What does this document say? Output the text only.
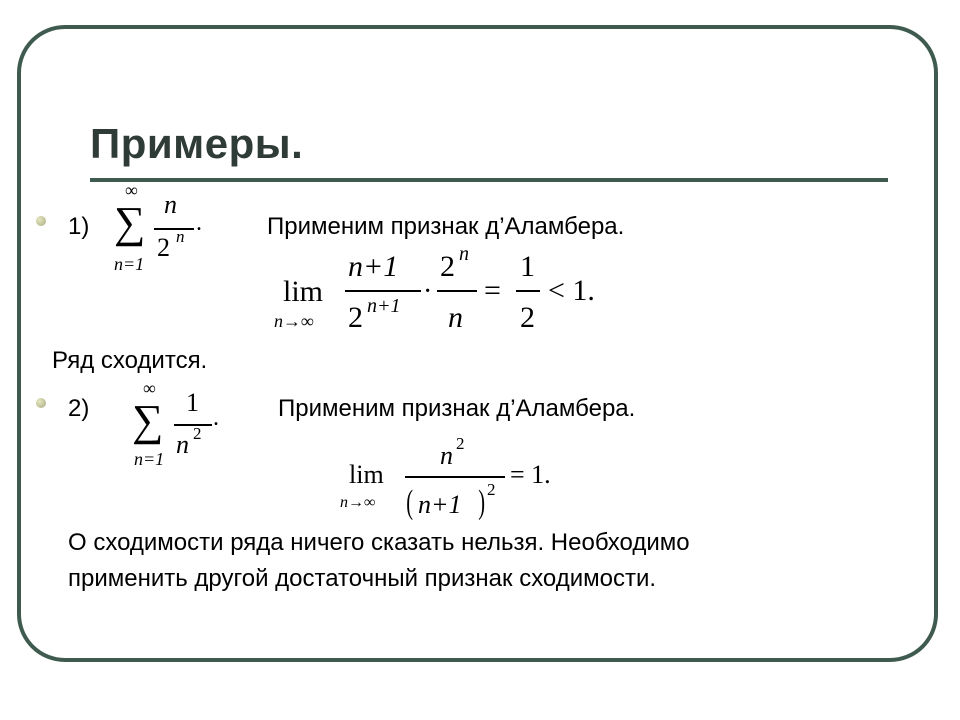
Примеры.
1)
∞
∑
n=1
n
2 n
.	Применим признак д’Аламбера.
lim
n→∞
n+1
2 n+1 ·
2 n
n
=
1
2
< 1.
Ряд сходится.
2)
∞
∑
n=1
1
n 2
. Применим признак д’Аламбера.
lim
n→∞
n 2
( n+1 ) 2
= 1.
О сходимости ряда ничего сказать нельзя. Необходимо
применить другой достаточный признак сходимости.
